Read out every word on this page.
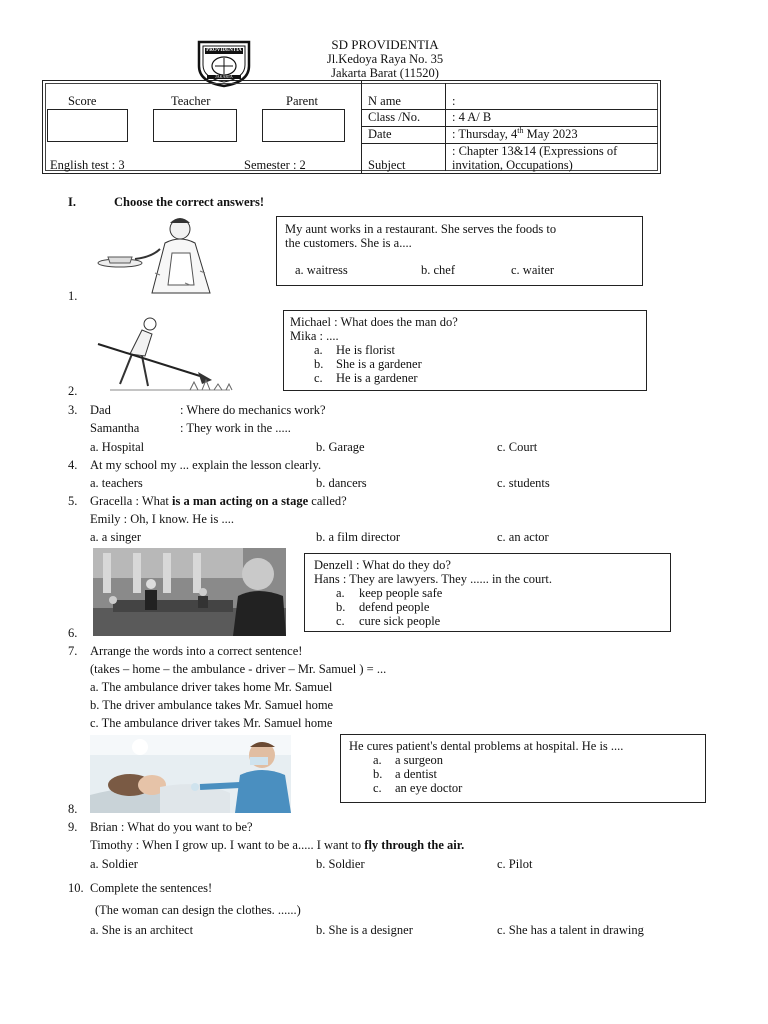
PROVIDENTIA
JAKARTA
SD PROVIDENTIA
Jl.Kedoya Raya No. 35
Jakarta Barat (11520)
Score	Teacher	Parent
English test : 3	Semester : 2
N ame	:
Class /No.	: 4 A/ B
Date	: Thursday, 4th May 2023
Subject
: Chapter 13&14 (Expressions of
invitation, Occupations)
I.	Choose the correct answers!
1.
My aunt works in a restaurant. She serves the foods to
the customers. She is a....
a. waitress	b. chef	c. waiter
2.
Michael : What does the man do?
Mika : ....
a. He is florist
b. She is a gardener
c. He is a gardener
3. Dad	: Where do mechanics work?
Samantha	: They work in the .....
a. Hospital	b. Garage	c. Court
4. At my school my ... explain the lesson clearly.
a. teachers	b. dancers	c. students
5. Gracella : What is a man acting on a stage called?
Emily : Oh, I know. He is ....
a. a singer	b. a film director	c. an actor
6.
Denzell : What do they do?
Hans : They are lawyers. They ...... in the court.
a. keep people safe
b. defend people
c. cure sick people
7. Arrange the words into a correct sentence!
(takes – home – the ambulance - driver – Mr. Samuel ) = ...
a. The ambulance driver takes home Mr. Samuel
b. The driver ambulance takes Mr. Samuel home
c. The ambulance driver takes Mr. Samuel home
8.
He cures patient's dental problems at hospital. He is ....
a. a surgeon
b. a dentist
c. an eye doctor
9. Brian : What do you want to be?
Timothy : When I grow up. I want to be a..... I want to fly through the air.
a. Soldier	b. Soldier	c. Pilot
10. Complete the sentences!
(The woman can design the clothes. ......)
a. She is an architect	b. She is a designer	c. She has a talent in drawing
